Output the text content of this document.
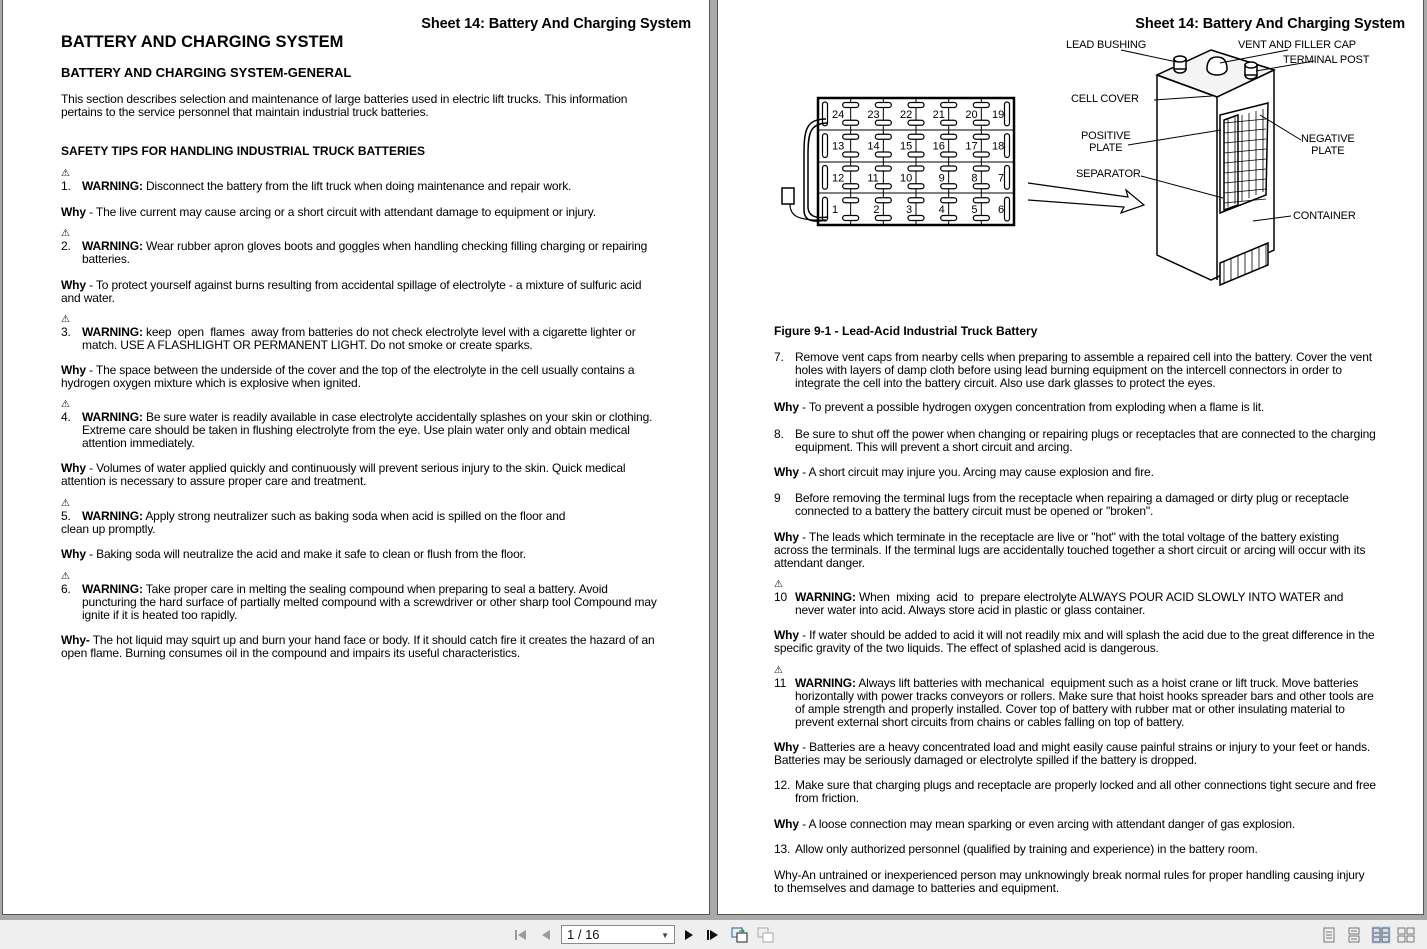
Sheet 14: Battery And Charging System
BATTERY AND CHARGING SYSTEM
BATTERY AND CHARGING SYSTEM-GENERAL
This section describes selection and maintenance of large batteries used in electric lift trucks. This information
pertains to the service personnel that maintain industrial truck batteries.
SAFETY TIPS FOR HANDLING INDUSTRIAL TRUCK BATTERIES
⚠
1. WARNING: Disconnect the battery from the lift truck when doing maintenance and repair work.
Why - The live current may cause arcing or a short circuit with attendant damage to equipment or injury.
⚠
2. WARNING: Wear rubber apron gloves boots and goggles when handling checking filling charging or repairing
batteries.
Why - To protect yourself against burns resulting from accidental spillage of electrolyte - a mixture of sulfuric acid
and water.
⚠
3. WARNING: keep  open  flames  away from batteries do not check electrolyte level with a cigarette lighter or
match. USE A FLASHLIGHT OR PERMANENT LIGHT. Do not smoke or create sparks.
Why - The space between the underside of the cover and the top of the electrolyte in the cell usually contains a
hydrogen oxygen mixture which is explosive when ignited.
⚠
4. WARNING: Be sure water is readily available in case electrolyte accidentally splashes on your skin or clothing.
Extreme care should be taken in flushing electrolyte from the eye. Use plain water only and obtain medical
attention immediately.
Why - Volumes of water applied quickly and continuously will prevent serious injury to the skin. Quick medical
attention is necessary to assure proper care and treatment.
⚠
5. WARNING: Apply strong neutralizer such as baking soda when acid is spilled on the floor and
clean up promptly.
Why - Baking soda will neutralize the acid and make it safe to clean or flush from the floor.
⚠
6. WARNING: Take proper care in melting the sealing compound when preparing to seal a battery. Avoid
puncturing the hard surface of partially melted compound with a screwdriver or other sharp tool Compound may
ignite if it is heated too rapidly.
Why- The hot liquid may squirt up and burn your hand face or body. If it should catch fire it creates the hazard of an
open flame. Burning consumes oil in the compound and impairs its useful characteristics.
Sheet 14: Battery And Charging System
24 23 22 21 20 19
13 14 15 16 17 18
12 11 10 9 8 7
1	2 3 4 5 6
LEAD BUSHING	VENT AND FILLER CAP
TERMINAL POST
CELL COVER
POSITIVE
PLATE
NEGATIVE
PLATE
SEPARATOR
CONTAINER
Figure 9-1 - Lead-Acid Industrial Truck Battery
7. Remove vent caps from nearby cells when preparing to assemble a repaired cell into the battery. Cover the vent
holes with layers of damp cloth before using lead burning equipment on the intercell connectors in order to
integrate the cell into the battery circuit. Also use dark glasses to protect the eyes.
Why - To prevent a possible hydrogen oxygen concentration from exploding when a flame is lit.
8. Be sure to shut off the power when changing or repairing plugs or receptacles that are connected to the charging
equipment. This will prevent a short circuit and arcing.
Why - A short circuit may injure you. Arcing may cause explosion and fire.
9 Before removing the terminal lugs from the receptacle when repairing a damaged or dirty plug or receptacle
connected to a battery the battery circuit must be opened or "broken".
Why - The leads which terminate in the receptacle are live or "hot" with the total voltage of the battery existing
across the terminals. If the terminal lugs are accidentally touched together a short circuit or arcing will occur with its
attendant danger.
⚠
10 WARNING: When  mixing  acid  to  prepare electrolyte ALWAYS POUR ACID SLOWLY INTO WATER and
never water into acid. Always store acid in plastic or glass container.
Why - If water should be added to acid it will not readily mix and will splash the acid due to the great difference in the
specific gravity of the two liquids. The effect of splashed acid is dangerous.
⚠
11 WARNING: Always lift batteries with mechanical  equipment such as a hoist crane or lift truck. Move batteries
horizontally with power tracks conveyors or rollers. Make sure that hoist hooks spreader bars and other tools are
of ample strength and properly installed. Cover top of battery with rubber mat or other insulating material to
prevent external short circuits from chains or cables falling on top of battery.
Why - Batteries are a heavy concentrated load and might easily cause painful strains or injury to your feet or hands.
Batteries may be seriously damaged or electrolyte spilled if the battery is dropped.
12. Make sure that charging plugs and receptacle are properly locked and all other connections tight secure and free
from friction.
Why - A loose connection may mean sparking or even arcing with attendant danger of gas explosion.
13. Allow only authorized personnel (qualified by training and experience) in the battery room.
Why-An untrained or inexperienced person may unknowingly break normal rules for proper handling causing injury
to themselves and damage to batteries and equipment.
1 / 16	▼
